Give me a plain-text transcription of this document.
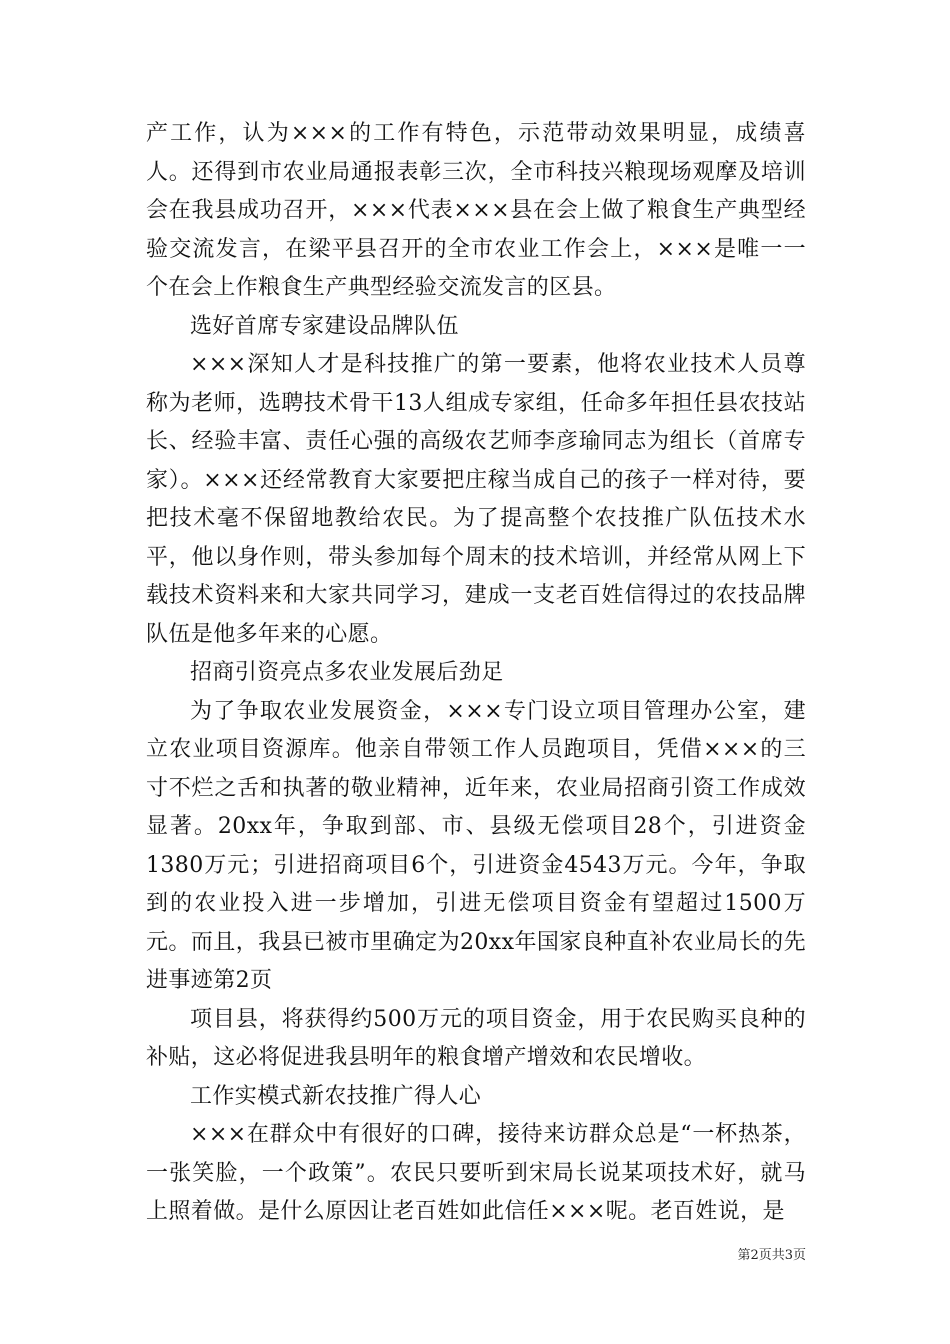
产工作，认为×××的工作有特色，示范带动效果明显，成绩喜人。还得到市农业局通报表彰三次，全市科技兴粮现场观摩及培训会在我县成功召开，×××代表×××县在会上做了粮食生产典型经验交流发言，在梁平县召开的全市农业工作会上，×××是唯一一个在会上作粮食生产典型经验交流发言的区县。

选好首席专家建设品牌队伍

×××深知人才是科技推广的第一要素，他将农业技术人员尊称为老师，选聘技术骨干13人组成专家组，任命多年担任县农技站长、经验丰富、责任心强的高级农艺师李彦瑜同志为组长（首席专家）。×××还经常教育大家要把庄稼当成自己的孩子一样对待，要把技术毫不保留地教给农民。为了提高整个农技推广队伍技术水平，他以身作则，带头参加每个周末的技术培训，并经常从网上下载技术资料来和大家共同学习，建成一支老百姓信得过的农技品牌队伍是他多年来的心愿。

招商引资亮点多农业发展后劲足

为了争取农业发展资金，×××专门设立项目管理办公室，建立农业项目资源库。他亲自带领工作人员跑项目，凭借×××的三寸不烂之舌和执著的敬业精神，近年来，农业局招商引资工作成效显著。20xx年，争取到部、市、县级无偿项目28个，引进资金1380万元；引进招商项目6个，引进资金4543万元。今年，争取到的农业投入进一步增加，引进无偿项目资金有望超过1500万元。而且，我县已被市里确定为20xx年国家良种直补农业局长的先进事迹第2页

项目县，将获得约500万元的项目资金，用于农民购买良种的补贴，这必将促进我县明年的粮食增产增效和农民增收。

工作实模式新农技推广得人心

×××在群众中有很好的口碑，接待来访群众总是“一杯热茶，一张笑脸，一个政策”。农民只要听到宋局长说某项技术好，就马上照着做。是什么原因让老百姓如此信任×××呢。老百姓说，是

第2页共3页
